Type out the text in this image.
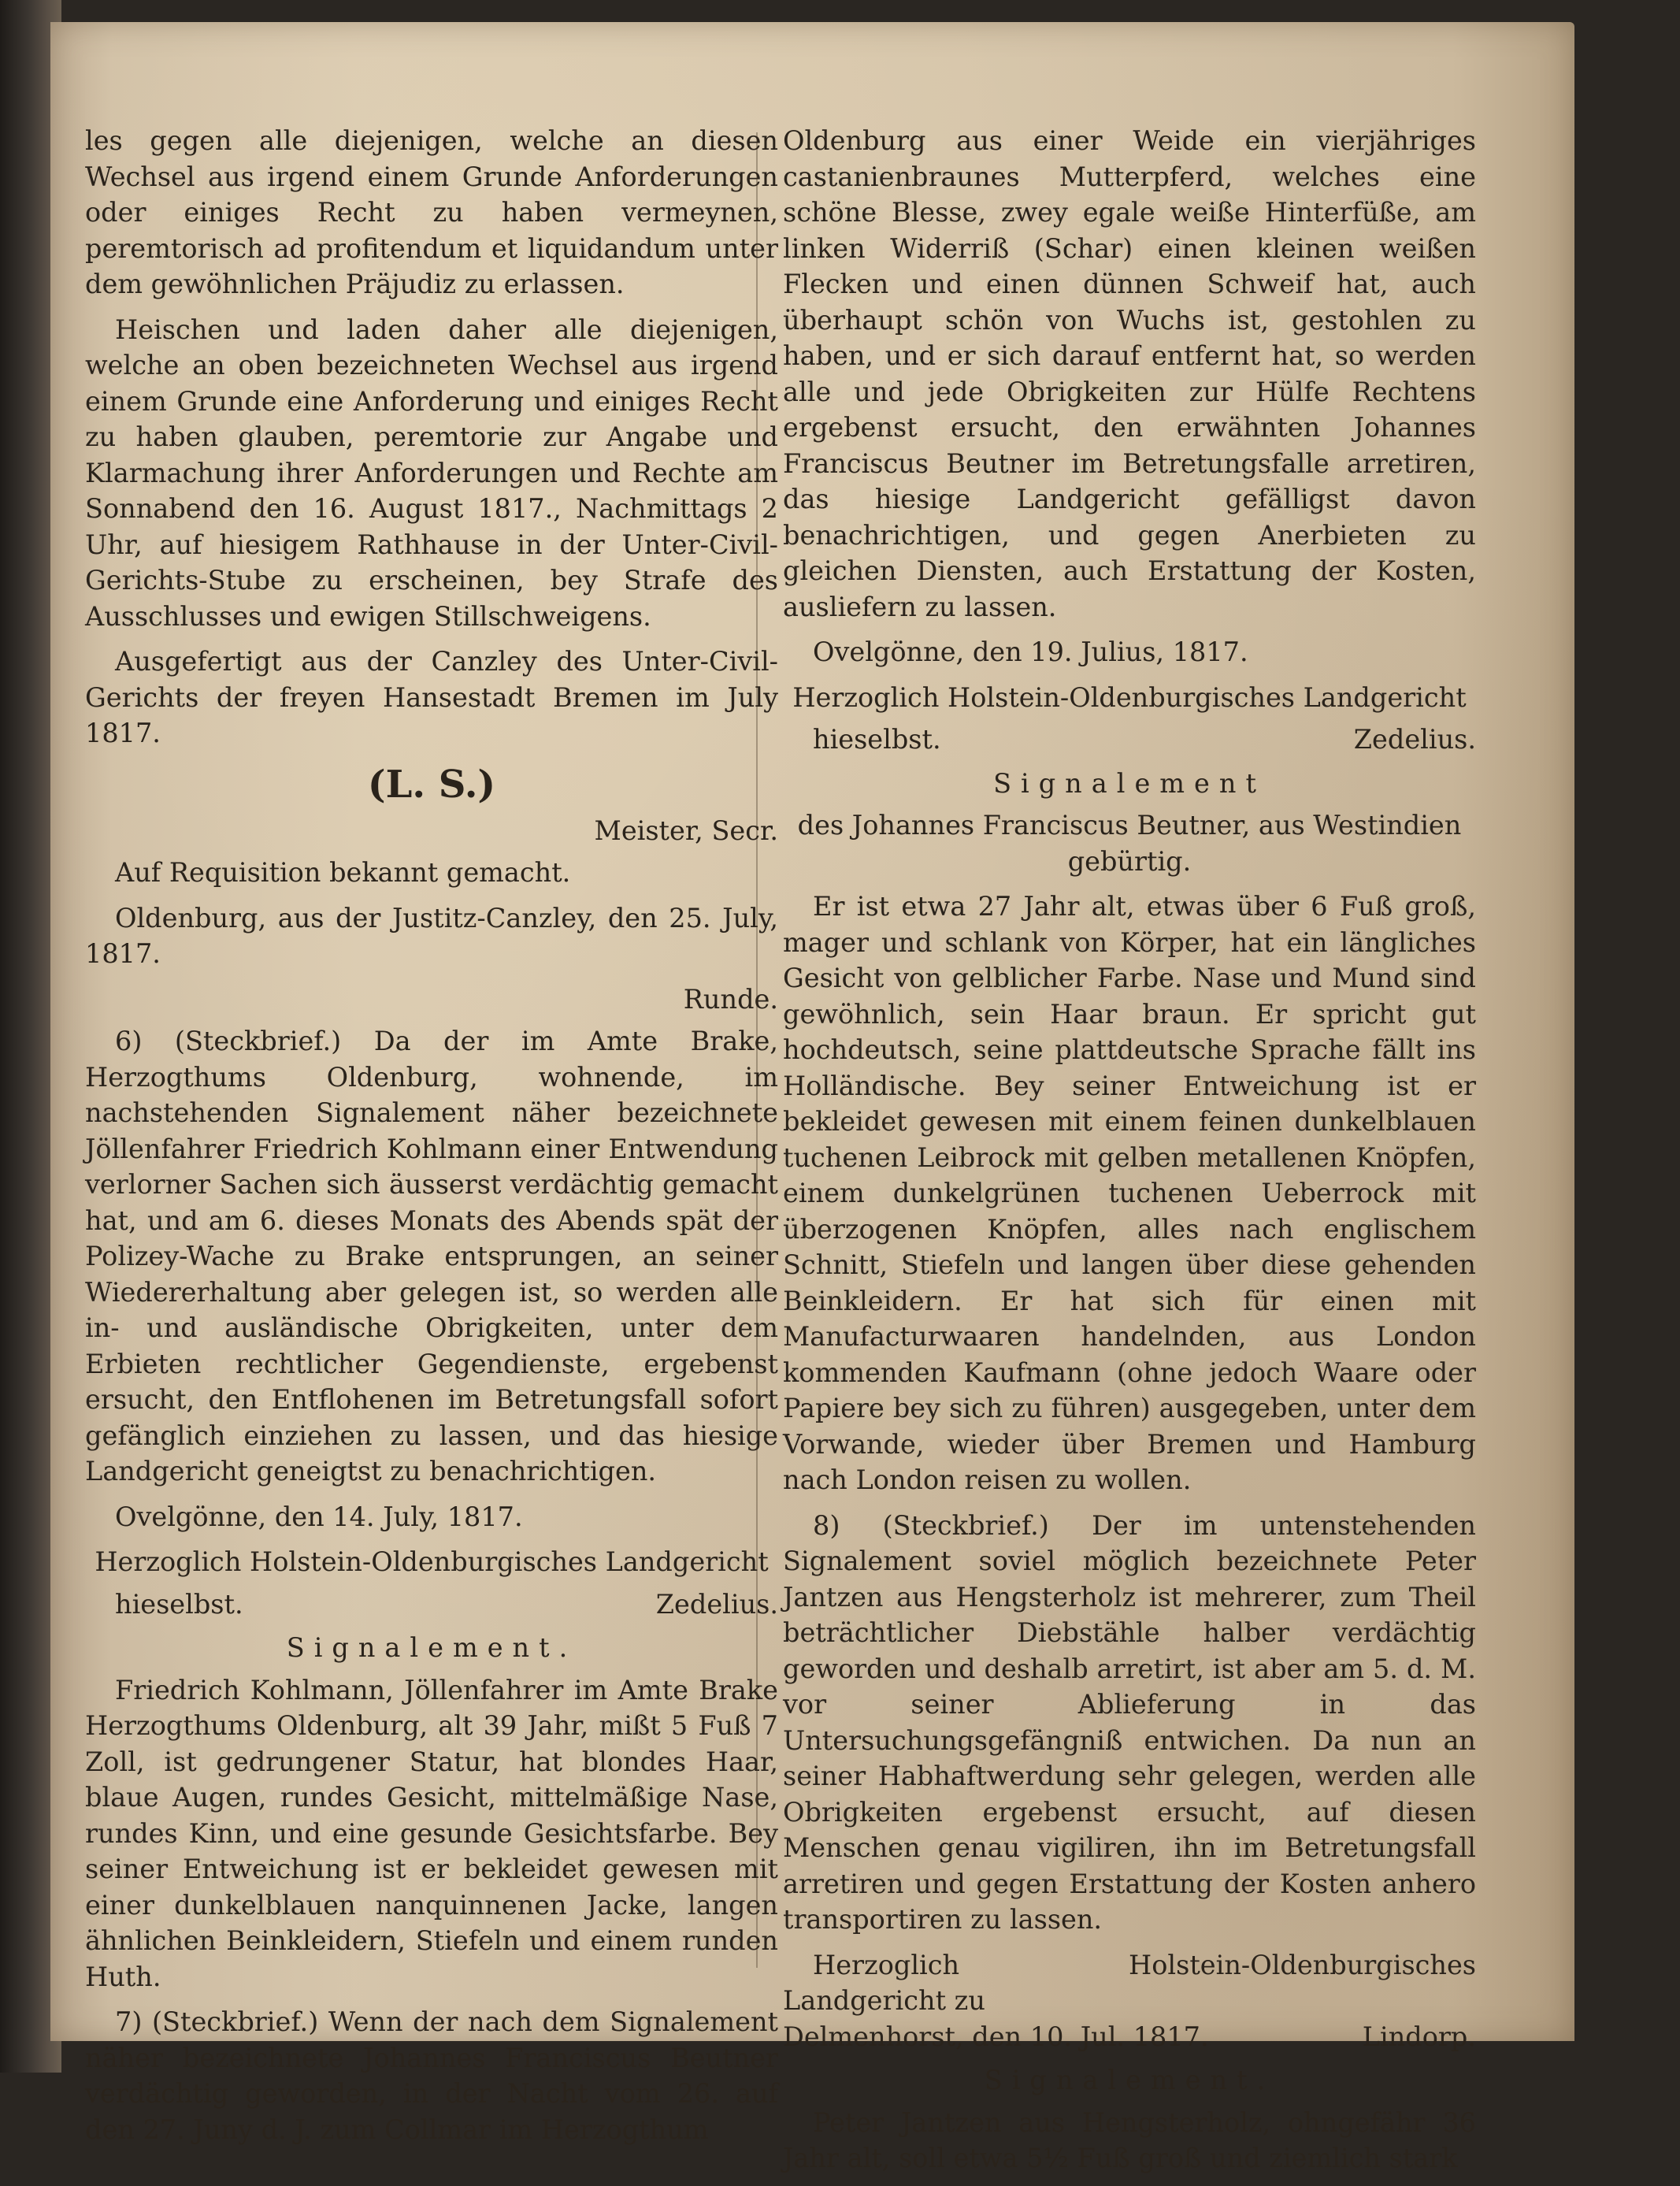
les gegen alle diejenigen, welche an diesen Wechsel aus irgend einem Grunde Anforderungen oder einiges Recht zu haben vermeynen, peremtorisch ad profitendum et liquidandum unter dem gewöhnlichen Präjudiz zu erlassen.

Heischen und laden daher alle diejenigen, welche an oben bezeichneten Wechsel aus irgend einem Grunde eine Anforderung und einiges Recht zu haben glauben, peremtorie zur Angabe und Klarmachung ihrer Anforderungen und Rechte am Sonnabend den 16. August 1817., Nachmittags 2 Uhr, auf hiesigem Rathhause in der Unter-Civil-Gerichts-Stube zu erscheinen, bey Strafe des Ausschlusses und ewigen Stillschweigens.

Ausgefertigt aus der Canzley des Unter-Civil-Gerichts der freyen Hansestadt Bremen im July 1817.

(L. S.)
Meister, Secr.

Auf Requisition bekannt gemacht.

Oldenburg, aus der Justitz-Canzley, den 25. July, 1817.

Runde.

6) (Steckbrief.) Da der im Amte Brake, Herzogthums Oldenburg, wohnende, im nachstehenden Signalement näher bezeichnete Jöllenfahrer Friedrich Kohlmann einer Entwendung verlorner Sachen sich äusserst verdächtig gemacht hat, und am 6. dieses Monats des Abends spät der Polizey-Wache zu Brake entsprungen, an seiner Wiedererhaltung aber gelegen ist, so werden alle in- und ausländische Obrigkeiten, unter dem Erbieten rechtlicher Gegendienste, ergebenst ersucht, den Entflohenen im Betretungsfall sofort gefänglich einziehen zu lassen, und das hiesige Landgericht geneigtst zu benachrichtigen.

Ovelgönne, den 14. July, 1817.

Herzoglich Holstein-Oldenburgisches Landgericht
hieselbst.	Zedelius.
Signalement.

Friedrich Kohlmann, Jöllenfahrer im Amte Brake Herzogthums Oldenburg, alt 39 Jahr, mißt 5 Fuß 7 Zoll, ist gedrungener Statur, hat blondes Haar, blaue Augen, rundes Gesicht, mittelmäßige Nase, rundes Kinn, und eine gesunde Gesichtsfarbe. Bey seiner Entweichung ist er bekleidet gewesen mit einer dunkelblauen nanquinnenen Jacke, langen ähnlichen Beinkleidern, Stiefeln und einem runden Huth.

7) (Steckbrief.) Wenn der nach dem Signalement näher bezeichnete Johannes Franciscus Beutner verdächtig geworden, in der Nacht vom 26. auf den 27. Juny d. J. zum Collmar im Herzogthum

Oldenburg aus einer Weide ein vierjähriges castanienbraunes Mutterpferd, welches eine schöne Blesse, zwey egale weiße Hinterfüße, am linken Widerriß (Schar) einen kleinen weißen Flecken und einen dünnen Schweif hat, auch überhaupt schön von Wuchs ist, gestohlen zu haben, und er sich darauf entfernt hat, so werden alle und jede Obrigkeiten zur Hülfe Rechtens ergebenst ersucht, den erwähnten Johannes Franciscus Beutner im Betretungsfalle arretiren, das hiesige Landgericht gefälligst davon benachrichtigen, und gegen Anerbieten zu gleichen Diensten, auch Erstattung der Kosten, ausliefern zu lassen.

Ovelgönne, den 19. Julius, 1817.

Herzoglich Holstein-Oldenburgisches Landgericht
hieselbst.	Zedelius.
Signalement
des Johannes Franciscus Beutner, aus Westindien gebürtig.

Er ist etwa 27 Jahr alt, etwas über 6 Fuß groß, mager und schlank von Körper, hat ein längliches Gesicht von gelblicher Farbe. Nase und Mund sind gewöhnlich, sein Haar braun. Er spricht gut hochdeutsch, seine plattdeutsche Sprache fällt ins Holländische. Bey seiner Entweichung ist er bekleidet gewesen mit einem feinen dunkelblauen tuchenen Leibrock mit gelben metallenen Knöpfen, einem dunkelgrünen tuchenen Ueberrock mit überzogenen Knöpfen, alles nach englischem Schnitt, Stiefeln und langen über diese gehenden Beinkleidern. Er hat sich für einen mit Manufacturwaaren handelnden, aus London kommenden Kaufmann (ohne jedoch Waare oder Papiere bey sich zu führen) ausgegeben, unter dem Vorwande, wieder über Bremen und Hamburg nach London reisen zu wollen.

8) (Steckbrief.) Der im untenstehenden Signalement soviel möglich bezeichnete Peter Jantzen aus Hengsterholz ist mehrerer, zum Theil beträchtlicher Diebstähle halber verdächtig geworden und deshalb arretirt, ist aber am 5. d. M. vor seiner Ablieferung in das Untersuchungsgefängniß entwichen. Da nun an seiner Habhaftwerdung sehr gelegen, werden alle Obrigkeiten ergebenst ersucht, auf diesen Menschen genau vigiliren, ihn im Betretungsfall arretiren und gegen Erstattung der Kosten anhero transportiren zu lassen.

Herzoglich Holstein-Oldenburgisches Landgericht zu

Delmenhorst, den 10. Jul. 1817.	Lindorp.
Signalement.

Peter Jantzen aus Hengsterholz, ohngefähr 36 Jahr alt, soll etwa 5½ Fuß groß und ziemlich stark
